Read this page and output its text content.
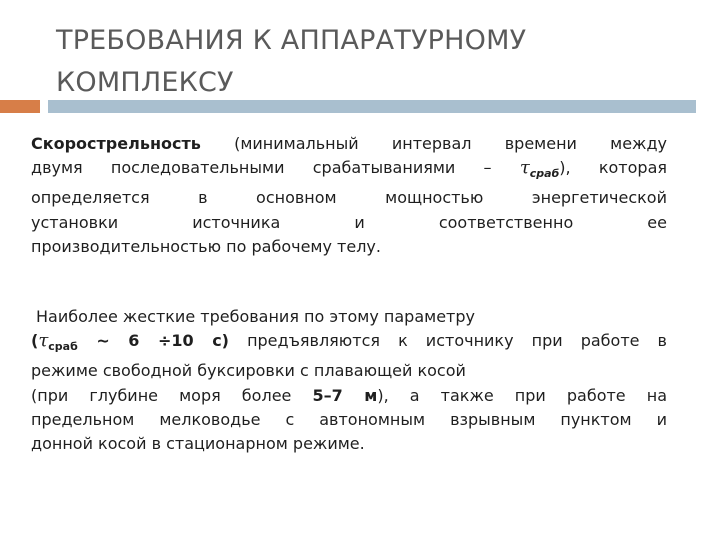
ТРЕБОВАНИЯ К АППАРАТУРНОМУ
КОМПЛЕКСУ
Скорострельность (минимальный интервал времени между
двумя последовательными срабатываниями – $\tau_{сраб}$), которая
определяется в основном мощностью энергетической
установки источника и соответственно ее
производительностью по рабочему телу.
Наиболее жесткие требования по этому параметру
($\tau_{сраб}$ ~ 6 ÷10 с) предъявляются к источнику при работе в
режиме свободной буксировки с плавающей косой
(при глубине моря более 5–7 м), а также при работе на
предельном мелководье с автономным взрывным пунктом и
донной косой в стационарном режиме.
